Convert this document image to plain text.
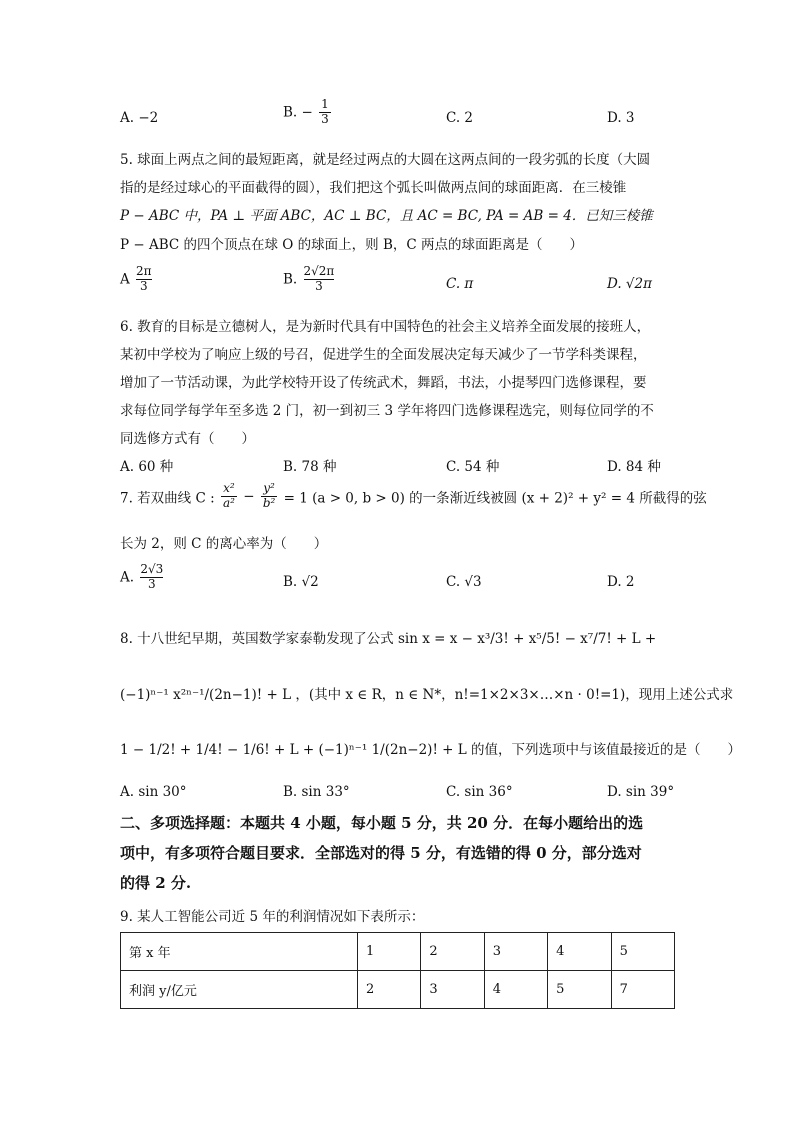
A. −2	B. − $\frac{1}{3}$	C. 2	D. 3
5. 球面上两点之间的最短距离，就是经过两点的大圆在这两点间的一段劣弧的长度（大圆
指的是经过球心的平面截得的圆），我们把这个弧长叫做两点间的球面距离．在三棱锥
P − ABC 中，PA ⊥ 平面 ABC，AC ⊥ BC，且 AC = BC, PA = AB = 4．已知三棱锥
P − ABC 的四个顶点在球 O 的球面上，则 B，C 两点的球面距离是（　　）
A $\frac{2\pi}{3}$	B. $\frac{2√2\pi}{3}$	C. π	D. √2π
6. 教育的目标是立德树人，是为新时代具有中国特色的社会主义培养全面发展的接班人，
某初中学校为了响应上级的号召，促进学生的全面发展决定每天减少了一节学科类课程，
增加了一节活动课，为此学校特开设了传统武术，舞蹈，书法，小提琴四门选修课程，要
求每位同学每学年至多选 2 门，初一到初三 3 学年将四门选修课程选完，则每位同学的不
同选修方式有（　　）
A. 60 种	B. 78 种	C. 54 种	D. 84 种
7. 若双曲线 C : $\frac{\text{x²}}{\text{a²}} - \frac{\text{y²}}{\text{b²}} = 1$ (a > 0, b > 0) 的一条渐近线被圆 (x + 2)² + y² = 4 所截得的弦
长为 2，则 C 的离心率为（　　）
A. $\frac{2√3}{3}$	B. √2	C. √3	D. 2
8. 十八世纪早期，英国数学家泰勒发现了公式 sin x = x − x³/3! + x⁵/5! − x⁷/7! + L +
(−1)ⁿ⁻¹ x²ⁿ⁻¹/(2n−1)! + L ，(其中 x ∈ R，n ∈ N*，n!=1×2×3×…×n · 0!=1)，现用上述公式求
1 − 1/2! + 1/4! − 1/6! + L + (−1)ⁿ⁻¹ 1/(2n−2)! + L 的值，下列选项中与该值最接近的是（　　）
A. sin 30°	B. sin 33°	C. sin 36°	D. sin 39°
二、多项选择题：本题共 4 小题，每小题 5 分，共 20 分．在每小题给出的选
项中，有多项符合题目要求．全部选对的得 5 分，有选错的得 0 分，部分选对
的得 2 分.
9. 某人工智能公司近 5 年的利润情况如下表所示：
第 x 年	1	2	3	4	5
利润 y/亿元	2	3	4	5	7
